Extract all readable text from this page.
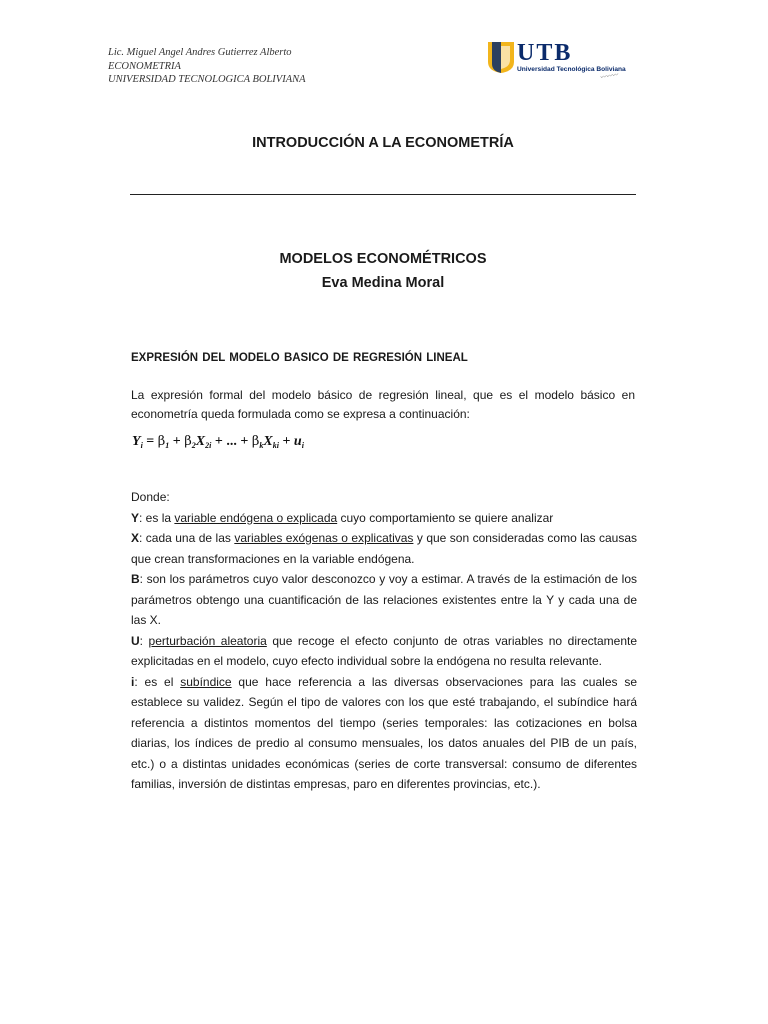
Lic. Miguel Angel Andres Gutierrez Alberto
ECONOMETRIA
UNIVERSIDAD TECNOLOGICA BOLIVIANA
UTB
Universidad Tecnológica Boliviana
〰〰〰
INTRODUCCIÓN A LA ECONOMETRÍA
MODELOS ECONOMÉTRICOS
Eva Medina Moral
EXPRESIÓN DEL MODELO BASICO DE REGRESIÓN LINEAL
La expresión formal del modelo básico de regresión lineal, que es el modelo básico en econometría queda formulada como se expresa a continuación:
$Y_i = \beta_1 + \beta_2X_{2i}$ + ... + $\beta_kX_{ki} + u_i$
Donde:
Y: es la variable endógena o explicada cuyo comportamiento se quiere analizar
X: cada una de las variables exógenas o explicativas y que son consideradas como las causas que crean transformaciones en la variable endógena.
B: son los parámetros cuyo valor desconozco y voy a estimar. A través de la estimación de los parámetros obtengo una cuantificación de las relaciones existentes entre la Y y cada una de las X.
U: perturbación aleatoria que recoge el efecto conjunto de otras variables no directamente explicitadas en el modelo, cuyo efecto individual sobre la endógena no resulta relevante.
i: es el subíndice que hace referencia a las diversas observaciones para las cuales se establece su validez. Según el tipo de valores con los que esté trabajando, el subíndice hará referencia a distintos momentos del tiempo (series temporales: las cotizaciones en bolsa diarias, los índices de predio al consumo mensuales, los datos anuales del PIB de un país, etc.) o a distintas unidades económicas (series de corte transversal: consumo de diferentes familias, inversión de distintas empresas, paro en diferentes provincias, etc.).
